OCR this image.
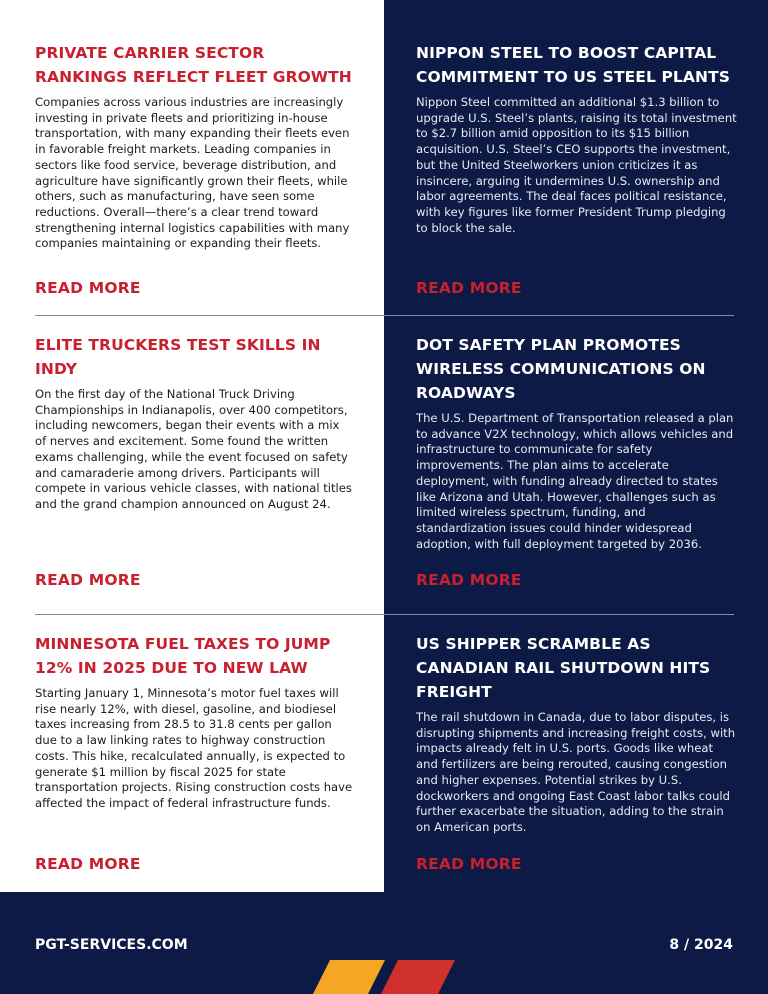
PRIVATE CARRIER SECTOR RANKINGS REFLECT FLEET GROWTH

Companies across various industries are increasingly investing in private fleets and prioritizing in-house transportation, with many expanding their fleets even in favorable freight markets. Leading companies in sectors like food service, beverage distribution, and agriculture have significantly grown their fleets, while others, such as manufacturing, have seen some reductions. Overall—there’s a clear trend toward strengthening internal logistics capabilities with many companies maintaining or expanding their fleets.

READ MORE
NIPPON STEEL TO BOOST CAPITAL COMMITMENT TO US STEEL PLANTS

Nippon Steel committed an additional $1.3 billion to upgrade U.S. Steel’s plants, raising its total investment to $2.7 billion amid opposition to its $15 billion acquisition. U.S. Steel’s CEO supports the investment, but the United Steelworkers union criticizes it as insincere, arguing it undermines U.S. ownership and labor agreements. The deal faces political resistance, with key figures like former President Trump pledging to block the sale.

READ MORE
ELITE TRUCKERS TEST SKILLS IN INDY

On the first day of the National Truck Driving Championships in Indianapolis, over 400 competitors, including newcomers, began their events with a mix of nerves and excitement. Some found the written exams challenging, while the event focused on safety and camaraderie among drivers. Participants will compete in various vehicle classes, with national titles and the grand champion announced on August 24.

READ MORE
DOT SAFETY PLAN PROMOTES WIRELESS COMMUNICATIONS ON ROADWAYS

The U.S. Department of Transportation released a plan to advance V2X technology, which allows vehicles and infrastructure to communicate for safety improvements. The plan aims to accelerate deployment, with funding already directed to states like Arizona and Utah. However, challenges such as limited wireless spectrum, funding, and standardization issues could hinder widespread adoption, with full deployment targeted by 2036.

READ MORE
MINNESOTA FUEL TAXES TO JUMP 12% IN 2025 DUE TO NEW LAW

Starting January 1, Minnesota’s motor fuel taxes will rise nearly 12%, with diesel, gasoline, and biodiesel taxes increasing from 28.5 to 31.8 cents per gallon due to a law linking rates to highway construction costs. This hike, recalculated annually, is expected to generate $1 million by fiscal 2025 for state transportation projects. Rising construction costs have affected the impact of federal infrastructure funds.

READ MORE
US SHIPPER SCRAMBLE AS CANADIAN RAIL SHUTDOWN HITS FREIGHT

The rail shutdown in Canada, due to labor disputes, is disrupting shipments and increasing freight costs, with impacts already felt in U.S. ports. Goods like wheat and fertilizers are being rerouted, causing congestion and higher expenses. Potential strikes by U.S. dockworkers and ongoing East Coast labor talks could further exacerbate the situation, adding to the strain on American ports.

READ MORE
PGT-SERVICES.COM	8 / 2024
